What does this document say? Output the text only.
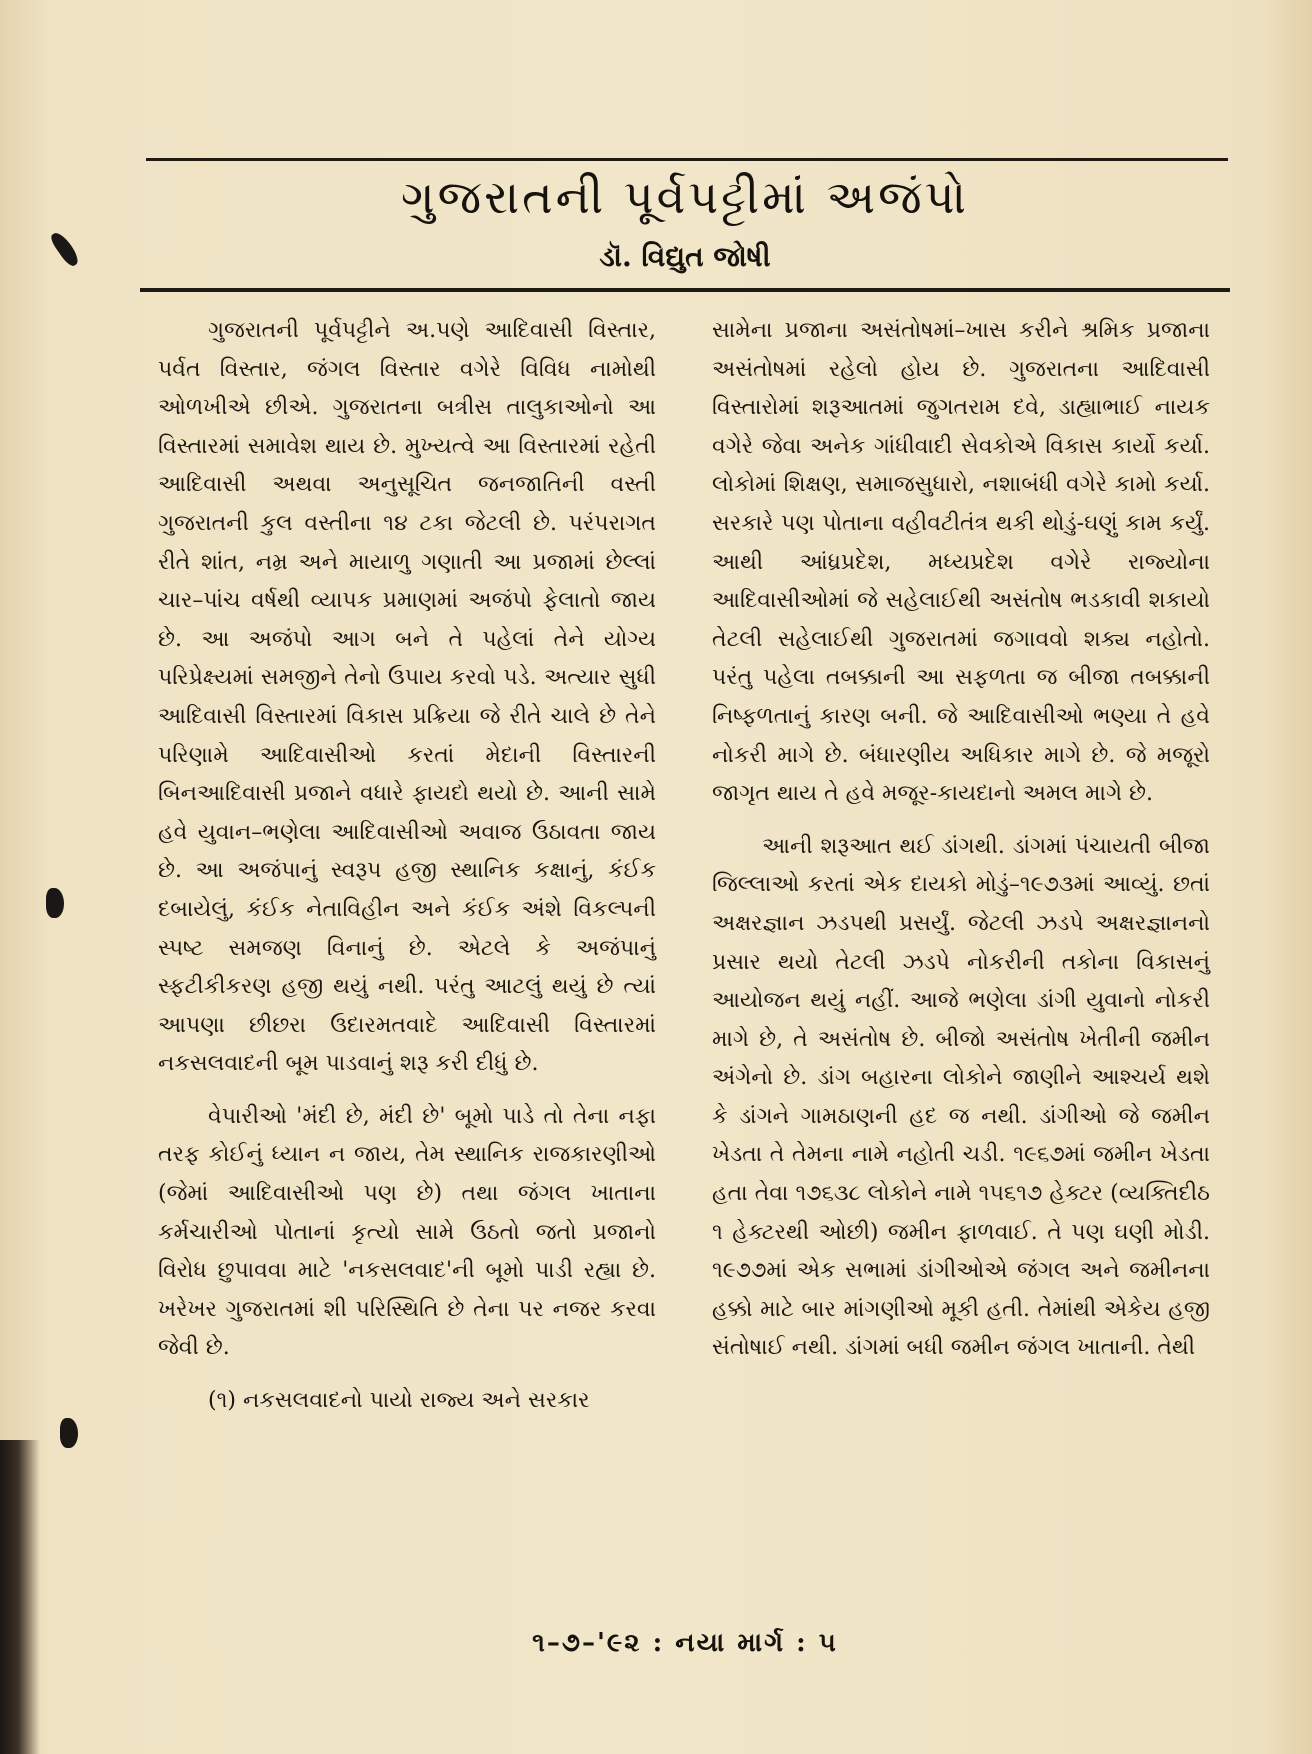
ગુજરાતની પૂર્વપટ્ટીમાં અજંપો
ડૉ. વિદ્યુત જોષી

ગુજરાતની પૂર્વપટ્ટીને અ.પણે આદિવાસી વિસ્તાર, પર્વત વિસ્તાર, જંગલ વિસ્તાર વગેરે વિવિધ નામોથી ઓળખીએ છીએ. ગુજરાતના બત્રીસ તાલુકાઓનો આ વિસ્તારમાં સમાવેશ થાય છે. મુખ્યત્વે આ વિસ્તારમાં રહેતી આદિવાસી અથવા અનુસૂચિત જનજાતિની વસ્તી ગુજરાતની કુલ વસ્તીના ૧૪ ટકા જેટલી છે. પરંપરાગત રીતે શાંત, નમ્ર અને માયાળુ ગણાતી આ પ્રજામાં છેલ્લાં ચાર–પાંચ વર્ષથી વ્યાપક પ્રમાણમાં અજંપો ફેલાતો જાય છે. આ અજંપો આગ બને તે પહેલાં તેને યોગ્ય પરિપ્રેક્ષ્યમાં સમજીને તેનો ઉપાય કરવો પડે. અત્યાર સુધી આદિવાસી વિસ્તારમાં વિકાસ પ્રક્રિયા જે રીતે ચાલે છે તેને પરિણામે આદિવાસીઓ કરતાં મેદાની વિસ્તારની બિનઆદિવાસી પ્રજાને વધારે ફાયદો થયો છે. આની સામે હવે યુવાન–ભણેલા આદિવાસીઓ અવાજ ઉઠાવતા જાય છે. આ અજંપાનું સ્વરૂપ હજી સ્થાનિક કક્ષાનું, કંઈક દબાયેલું, કંઈક નેતાવિહીન અને કંઈક અંશે વિકલ્પની સ્પષ્ટ સમજણ વિનાનું છે. એટલે કે અજંપાનું સ્ફટીકીકરણ હજી થયું નથી. પરંતુ આટલું થયું છે ત્યાં આપણા છીછરા ઉદારમતવાદે આદિવાસી વિસ્તારમાં નકસલવાદની બૂમ પાડવાનું શરૂ કરી દીધું છે.

વેપારીઓ 'મંદી છે, મંદી છે' બૂમો પાડે તો તેના નફા તરફ કોઈનું ધ્યાન ન જાય, તેમ સ્થાનિક રાજકારણીઓ (જેમાં આદિવાસીઓ પણ છે) તથા જંગલ ખાતાના કર્મચારીઓ પોતાનાં કૃત્યો સામે ઉઠતો જતો પ્રજાનો વિરોધ છુપાવવા માટે 'નકસલવાદ'ની બૂમો પાડી રહ્યા છે. ખરેખર ગુજરાતમાં શી પરિસ્થિતિ છે તેના પર નજર કરવા જેવી છે.

(૧) નકસલવાદનો પાયો રાજ્ય અને સરકાર

સામેના પ્રજાના અસંતોષમાં–ખાસ કરીને શ્રમિક પ્રજાના અસંતોષમાં રહેલો હોય છે. ગુજરાતના આદિવાસી વિસ્તારોમાં શરૂઆતમાં જુગતરામ દવે, ડાહ્યાભાઈ નાયક વગેરે જેવા અનેક ગાંધીવાદી સેવકોએ વિકાસ કાર્યો કર્યા. લોકોમાં શિક્ષણ, સમાજસુધારો, નશાબંધી વગેરે કામો કર્યા. સરકારે પણ પોતાના વહીવટીતંત્ર થકી થોડું-ઘણું કામ કર્યું. આથી આંધ્રપ્રદેશ, મધ્યપ્રદેશ વગેરે રાજ્યોના આદિવાસીઓમાં જે સહેલાઈથી અસંતોષ ભડકાવી શકાયો તેટલી સહેલાઈથી ગુજરાતમાં જગાવવો શક્ય નહોતો. પરંતુ પહેલા તબક્કાની આ સફળતા જ બીજા તબક્કાની નિષ્ફળતાનું કારણ બની. જે આદિવાસીઓ ભણ્યા તે હવે નોકરી માગે છે. બંધારણીય અધિકાર માગે છે. જે મજૂરો જાગૃત થાય તે હવે મજૂર-કાયદાનો અમલ માગે છે.

આની શરૂઆત થઈ ડાંગથી. ડાંગમાં પંચાયતી બીજા જિલ્લાઓ કરતાં એક દાયકો મોડું–૧૯૭૩માં આવ્યું. છતાં અક્ષરજ્ઞાન ઝડપથી પ્રસર્યું. જેટલી ઝડપે અક્ષરજ્ઞાનનો પ્રસાર થયો તેટલી ઝડપે નોકરીની તકોના વિકાસનું આયોજન થયું નહીં. આજે ભણેલા ડાંગી યુવાનો નોકરી માગે છે, તે અસંતોષ છે. બીજો અસંતોષ ખેતીની જમીન અંગેનો છે. ડાંગ બહારના લોકોને જાણીને આશ્ચર્ય થશે કે ડાંગને ગામઠાણની હદ જ નથી. ડાંગીઓ જે જમીન ખેડતા તે તેમના નામે નહોતી ચડી. ૧૯૬૭માં જમીન ખેડતા હતા તેવા ૧૭૬૩૮ લોકોને નામે ૧૫૬૧૭ હેક્ટર (વ્યક્તિદીઠ ૧ હેક્ટરથી ઓછી) જમીન ફાળવાઈ. તે પણ ઘણી મોડી. ૧૯૭૭માં એક સભામાં ડાંગીઓએ જંગલ અને જમીનના હક્કો માટે બાર માંગણીઓ મૂકી હતી. તેમાંથી એકેય હજી સંતોષાઈ નથી. ડાંગમાં બધી જમીન જંગલ ખાતાની. તેથી

૧–૭–'૯૨ : નયા માર્ગ : ૫
